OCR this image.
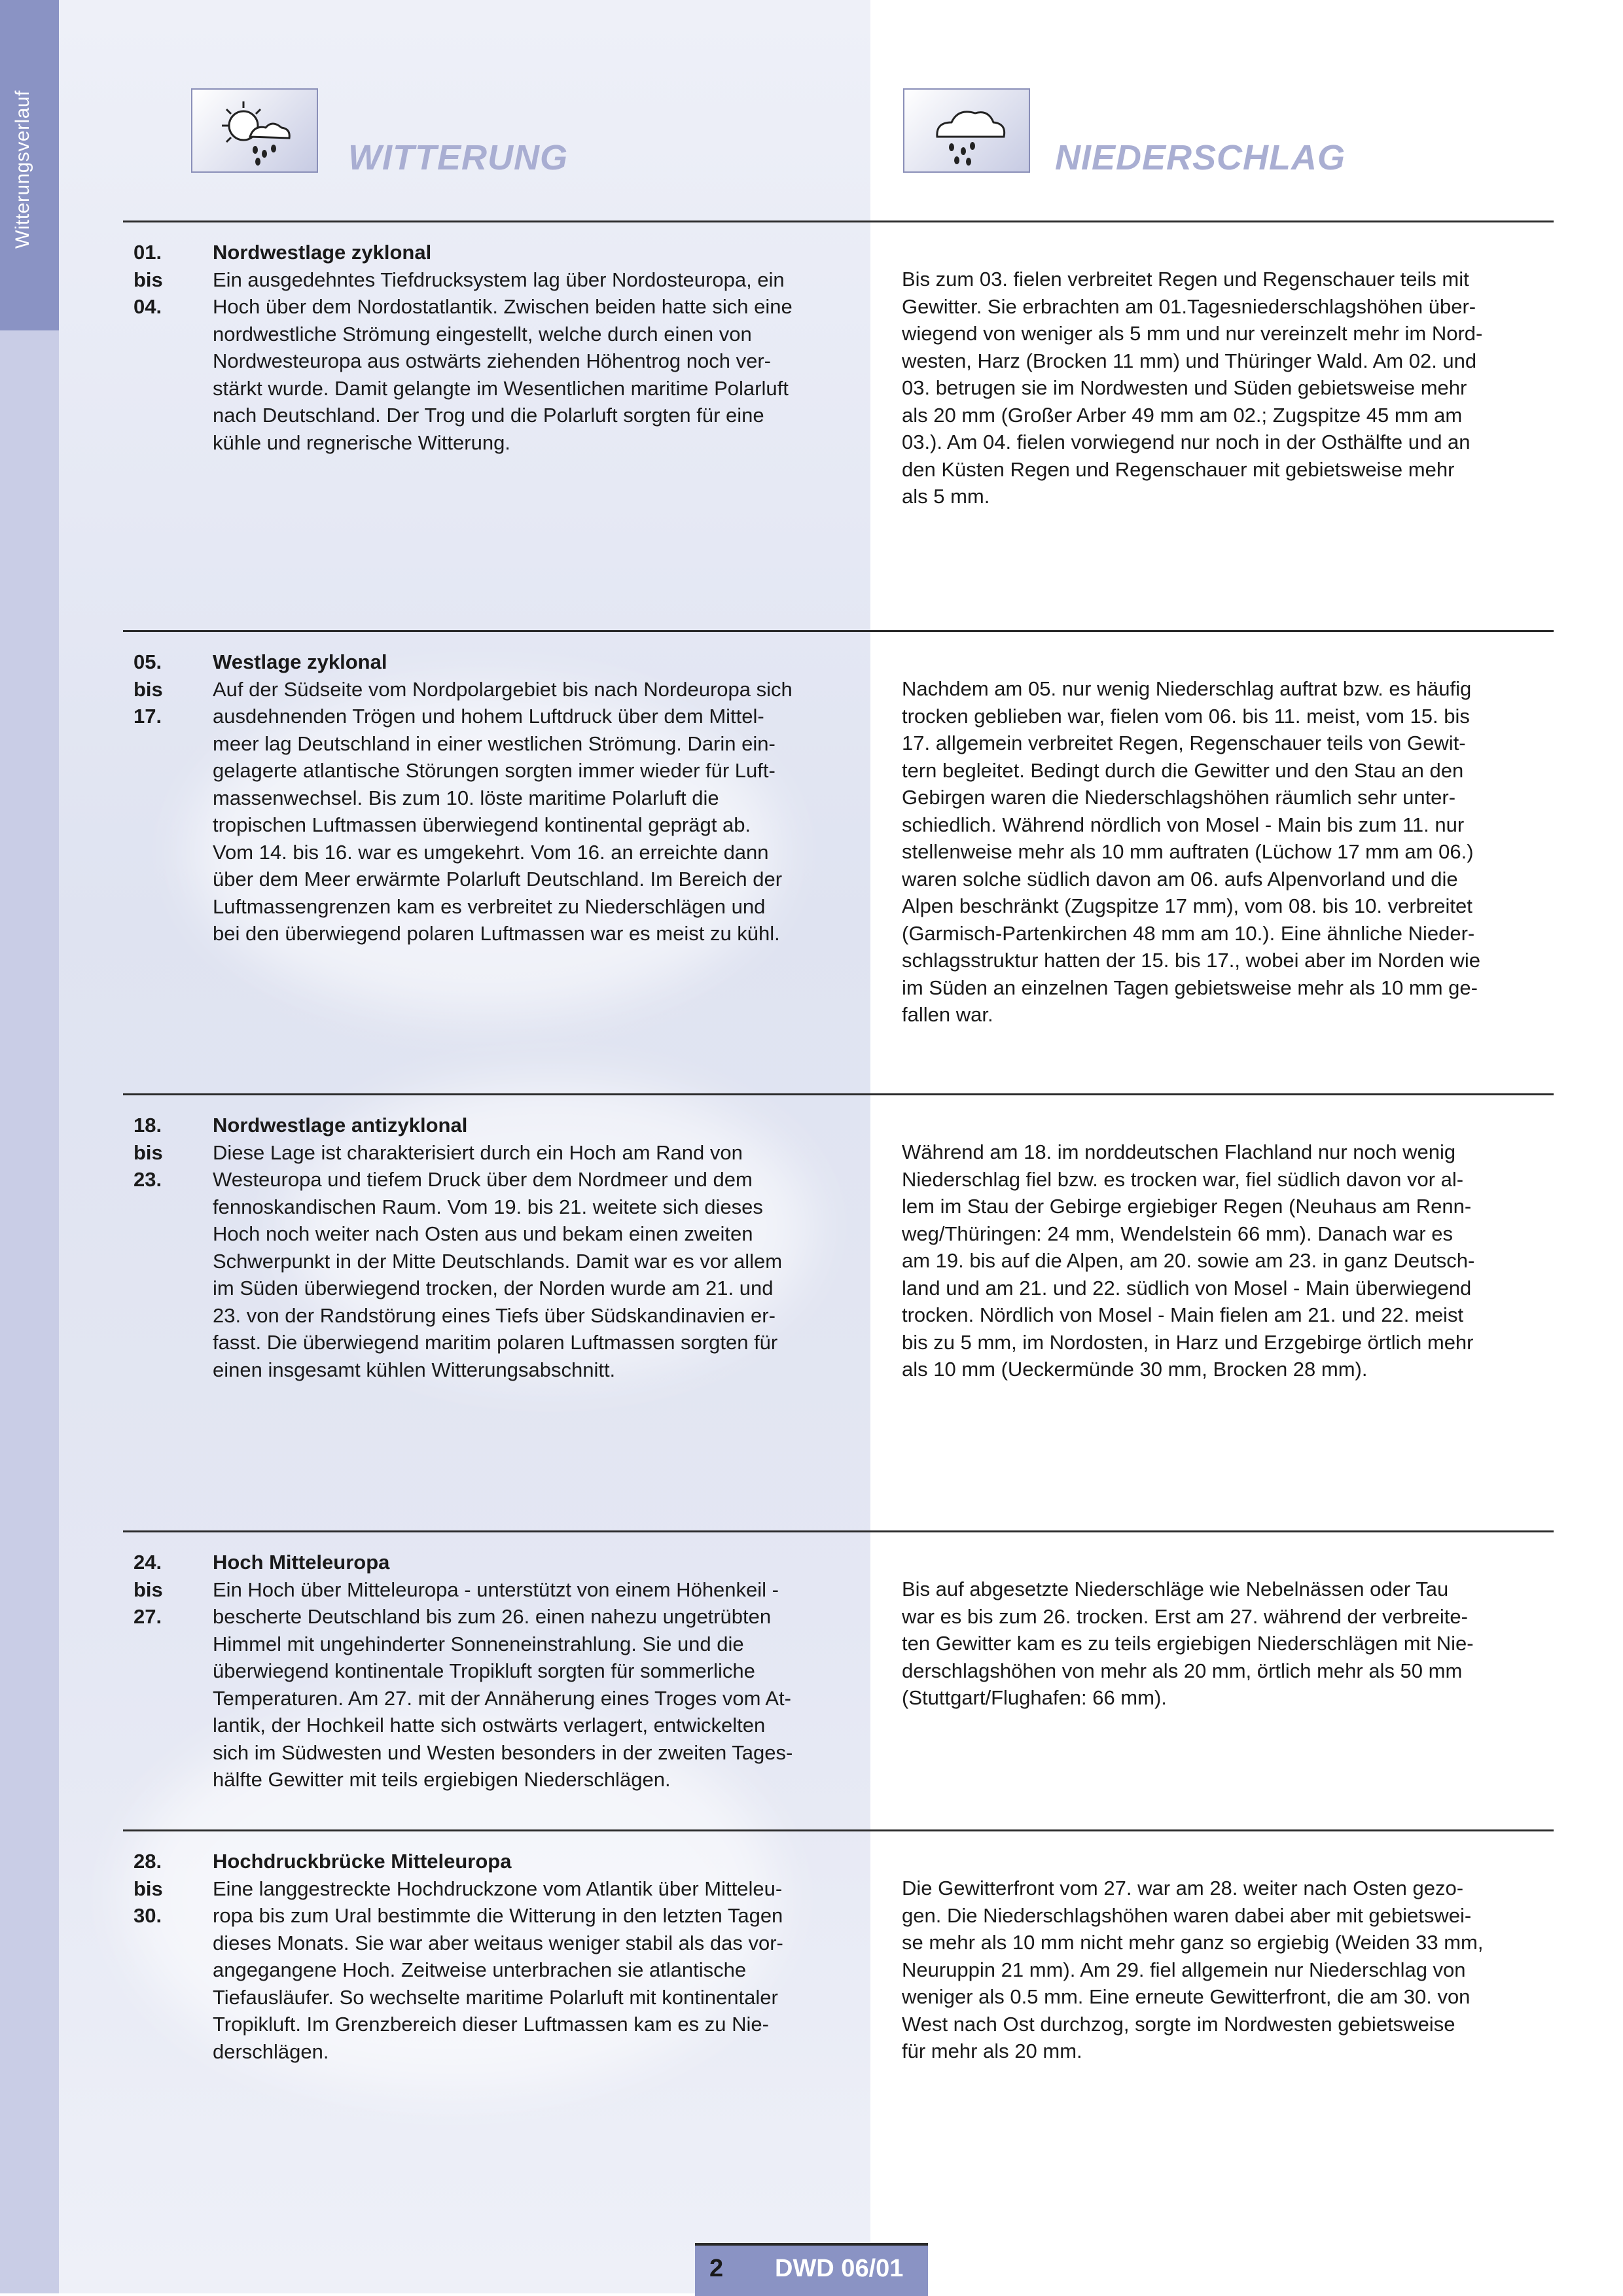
Witterungsverlauf	WITTERUNG	NIEDERSCHLAG
01.
bis
04.
Nordwestlage zyklonal
Ein ausgedehntes Tiefdrucksystem lag über Nordosteuropa, ein
Hoch über dem Nordostatlantik. Zwischen beiden hatte sich eine
nordwestliche Strömung eingestellt, welche durch einen von
Nordwesteuropa aus ostwärts ziehenden Höhentrog noch ver-
stärkt wurde. Damit gelangte im Wesentlichen maritime Polarluft
nach Deutschland. Der Trog und die Polarluft sorgten für eine
kühle und regnerische Witterung.
Bis zum 03. fielen verbreitet Regen und Regenschauer teils mit
Gewitter. Sie erbrachten am 01.Tagesniederschlagshöhen über-
wiegend von weniger als 5 mm und nur vereinzelt mehr im Nord-
westen, Harz (Brocken 11 mm) und Thüringer Wald. Am 02. und
03. betrugen sie im Nordwesten und Süden gebietsweise mehr
als 20 mm (Großer Arber 49 mm am 02.; Zugspitze 45 mm am
03.). Am 04. fielen vorwiegend nur noch in der Osthälfte und an
den Küsten Regen und Regenschauer mit gebietsweise mehr
als 5 mm.
05.
bis
17.
Westlage zyklonal
Auf der Südseite vom Nordpolargebiet bis nach Nordeuropa sich
ausdehnenden Trögen und hohem Luftdruck über dem Mittel-
meer lag Deutschland in einer westlichen Strömung. Darin ein-
gelagerte atlantische Störungen sorgten immer wieder für Luft-
massenwechsel. Bis zum 10. löste maritime Polarluft die
tropischen Luftmassen überwiegend kontinental geprägt ab.
Vom 14. bis 16. war es umgekehrt. Vom 16. an erreichte dann
über dem Meer erwärmte Polarluft Deutschland. Im Bereich der
Luftmassengrenzen kam es verbreitet zu Niederschlägen und
bei den überwiegend polaren Luftmassen war es meist zu kühl.
Nachdem am 05. nur wenig Niederschlag auftrat bzw. es häufig
trocken geblieben war, fielen vom 06. bis 11. meist, vom 15. bis
17. allgemein verbreitet Regen, Regenschauer teils von Gewit-
tern begleitet. Bedingt durch die Gewitter und den Stau an den
Gebirgen waren die Niederschlagshöhen räumlich sehr unter-
schiedlich. Während nördlich von Mosel - Main bis zum 11. nur
stellenweise mehr als 10 mm auftraten (Lüchow 17 mm am 06.)
waren solche südlich davon am 06. aufs Alpenvorland und die
Alpen beschränkt (Zugspitze 17 mm), vom 08. bis 10. verbreitet
(Garmisch-Partenkirchen 48 mm am 10.). Eine ähnliche Nieder-
schlagsstruktur hatten der 15. bis 17., wobei aber im Norden wie
im Süden an einzelnen Tagen gebietsweise mehr als 10 mm ge-
fallen war.
18.
bis
23.
Nordwestlage antizyklonal
Diese Lage ist charakterisiert durch ein Hoch am Rand von
Westeuropa und tiefem Druck über dem Nordmeer und dem
fennoskandischen Raum. Vom 19. bis 21. weitete sich dieses
Hoch noch weiter nach Osten aus und bekam einen zweiten
Schwerpunkt in der Mitte Deutschlands. Damit war es vor allem
im Süden überwiegend trocken, der Norden wurde am 21. und
23. von der Randstörung eines Tiefs über Südskandinavien er-
fasst. Die überwiegend maritim polaren Luftmassen sorgten für
einen insgesamt kühlen Witterungsabschnitt.
Während am 18. im norddeutschen Flachland nur noch wenig
Niederschlag fiel bzw. es trocken war, fiel südlich davon vor al-
lem im Stau der Gebirge ergiebiger Regen (Neuhaus am Renn-
weg/Thüringen: 24 mm, Wendelstein 66 mm). Danach war es
am 19. bis auf die Alpen, am 20. sowie am 23. in ganz Deutsch-
land und am 21. und 22. südlich von Mosel - Main überwiegend
trocken. Nördlich von Mosel - Main fielen am 21. und 22. meist
bis zu 5 mm, im Nordosten, in Harz und Erzgebirge örtlich mehr
als 10 mm (Ueckermünde 30 mm, Brocken 28 mm).
24.
bis
27.
Hoch Mitteleuropa
Ein Hoch über Mitteleuropa - unterstützt von einem Höhenkeil -
bescherte Deutschland bis zum 26. einen nahezu ungetrübten
Himmel mit ungehinderter Sonneneinstrahlung. Sie und die
überwiegend kontinentale Tropikluft sorgten für sommerliche
Temperaturen. Am 27. mit der Annäherung eines Troges vom At-
lantik, der Hochkeil hatte sich ostwärts verlagert, entwickelten
sich im Südwesten und Westen besonders in der zweiten Tages-
hälfte Gewitter mit teils ergiebigen Niederschlägen.
Bis auf abgesetzte Niederschläge wie Nebelnässen oder Tau
war es bis zum 26. trocken. Erst am 27. während der verbreite-
ten Gewitter kam es zu teils ergiebigen Niederschlägen mit Nie-
derschlagshöhen von mehr als 20 mm, örtlich mehr als 50 mm
(Stuttgart/Flughafen: 66 mm).
28.
bis
30.
Hochdruckbrücke Mitteleuropa
Eine langgestreckte Hochdruckzone vom Atlantik über Mitteleu-
ropa bis zum Ural bestimmte die Witterung in den letzten Tagen
dieses Monats. Sie war aber weitaus weniger stabil als das vor-
angegangene Hoch. Zeitweise unterbrachen sie atlantische
Tiefausläufer. So wechselte maritime Polarluft mit kontinentaler
Tropikluft. Im Grenzbereich dieser Luftmassen kam es zu Nie-
derschlägen.
Die Gewitterfront vom 27. war am 28. weiter nach Osten gezo-
gen. Die Niederschlagshöhen waren dabei aber mit gebietswei-
se mehr als 10 mm nicht mehr ganz so ergiebig (Weiden 33 mm,
Neuruppin 21 mm). Am 29. fiel allgemein nur Niederschlag von
weniger als 0.5 mm. Eine erneute Gewitterfront, die am 30. von
West nach Ost durchzog, sorgte im Nordwesten gebietsweise
für mehr als 20 mm.
2 DWD 06/01
